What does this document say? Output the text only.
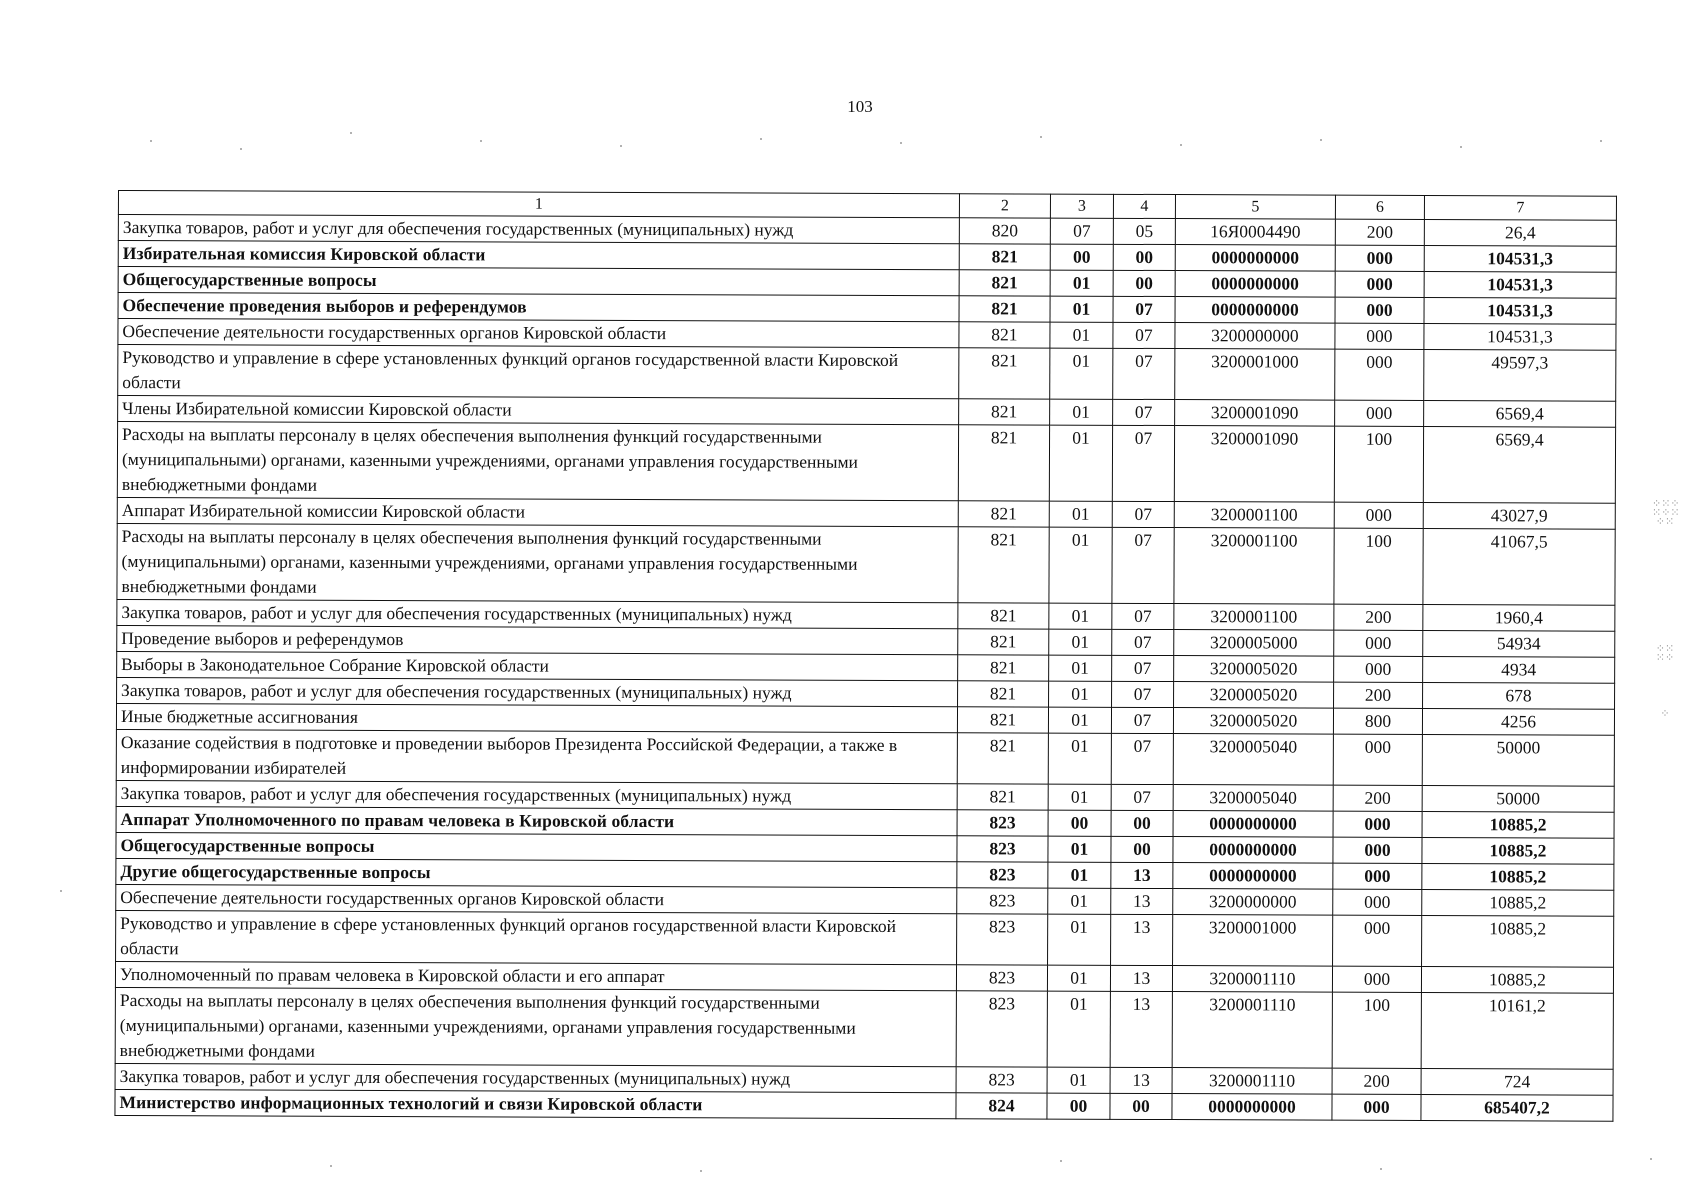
103
1	2	3	4	5	6	7
Закупка товаров, работ и услуг для обеспечения государственных (муниципальных) нужд	820	07	05	16Я0004490	200	26,4
Избирательная комиссия Кировской области	821	00	00	0000000000	000	104531,3
Общегосударственные вопросы	821	01	00	0000000000	000	104531,3
Обеспечение проведения выборов и референдумов	821	01	07	0000000000	000	104531,3
Обеспечение деятельности государственных органов Кировской области	821	01	07	3200000000	000	104531,3
Руководство и управление в сфере установленных функций органов государственной власти Кировской области	821	01	07	3200001000	000	49597,3
Члены Избирательной комиссии Кировской области	821	01	07	3200001090	000	6569,4
Расходы на выплаты персоналу в целях обеспечения выполнения функций государственными (муниципальными) органами, казенными учреждениями, органами управления государственными внебюджетными фондами	821	01	07	3200001090	100	6569,4
Аппарат Избирательной комиссии Кировской области	821	01	07	3200001100	000	43027,9
Расходы на выплаты персоналу в целях обеспечения выполнения функций государственными (муниципальными) органами, казенными учреждениями, органами управления государственными внебюджетными фондами	821	01	07	3200001100	100	41067,5
Закупка товаров, работ и услуг для обеспечения государственных (муниципальных) нужд	821	01	07	3200001100	200	1960,4
Проведение выборов и референдумов	821	01	07	3200005000	000	54934
Выборы в Законодательное Собрание Кировской области	821	01	07	3200005020	000	4934
Закупка товаров, работ и услуг для обеспечения государственных (муниципальных) нужд	821	01	07	3200005020	200	678
Иные бюджетные ассигнования	821	01	07	3200005020	800	4256
Оказание содействия в подготовке и проведении выборов Президента Российской Федерации, а также в информировании избирателей	821	01	07	3200005040	000	50000
Закупка товаров, работ и услуг для обеспечения государственных (муниципальных) нужд	821	01	07	3200005040	200	50000
Аппарат Уполномоченного по правам человека в Кировской области	823	00	00	0000000000	000	10885,2
Общегосударственные вопросы	823	01	00	0000000000	000	10885,2
Другие общегосударственные вопросы	823	01	13	0000000000	000	10885,2
Обеспечение деятельности государственных органов Кировской области	823	01	13	3200000000	000	10885,2
Руководство и управление в сфере установленных функций органов государственной власти Кировской области	823	01	13	3200001000	000	10885,2
Уполномоченный по правам человека в Кировской области и его аппарат	823	01	13	3200001110	000	10885,2
Расходы на выплаты персоналу в целях обеспечения выполнения функций государственными (муниципальными) органами, казенными учреждениями, органами управления государственными внебюджетными фондами	823	01	13	3200001110	100	10161,2
Закупка товаров, работ и услуг для обеспечения государственных (муниципальных) нужд	823	01	13	3200001110	200	724
Министерство информационных технологий и связи Кировской области	824	00	00	0000000000	000	685407,2
⁘⁙⁘
⁙⁘⁙
⁘⁙
⁘⁙
⁙⁘
⁘
